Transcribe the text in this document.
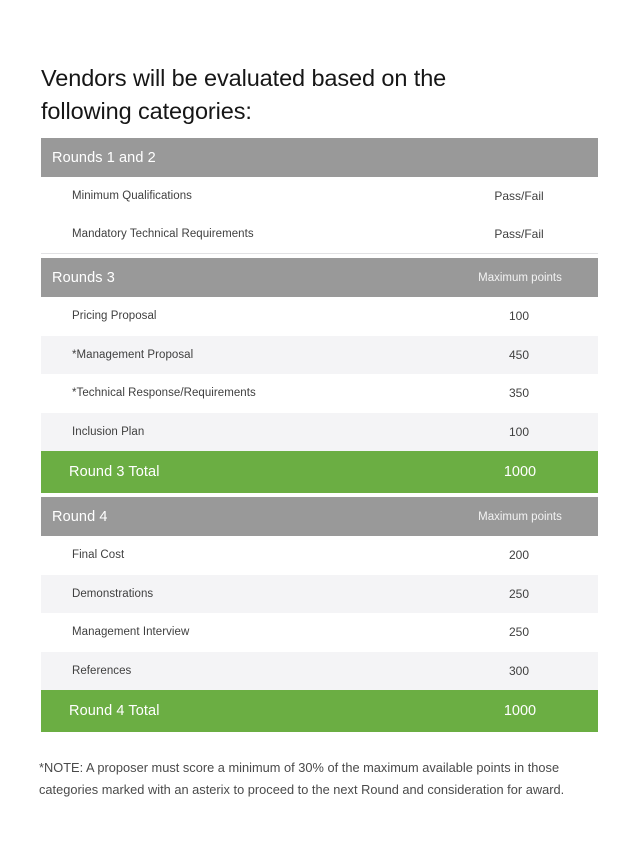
Vendors will be evaluated based on the
following categories:
Rounds 1 and 2
Minimum Qualifications	Pass/Fail
Mandatory Technical Requirements	Pass/Fail
Rounds 3	Maximum points
Pricing Proposal	100
*Management Proposal	450
*Technical Response/Requirements	350
Inclusion Plan	100
Round 3 Total	1000
Round 4	Maximum points
Final Cost	200
Demonstrations	250
Management Interview	250
References	300
Round 4 Total	1000

*NOTE: A proposer must score a minimum of 30% of the maximum available points in those categories marked with an asterix to proceed to the next Round and consideration for award.
